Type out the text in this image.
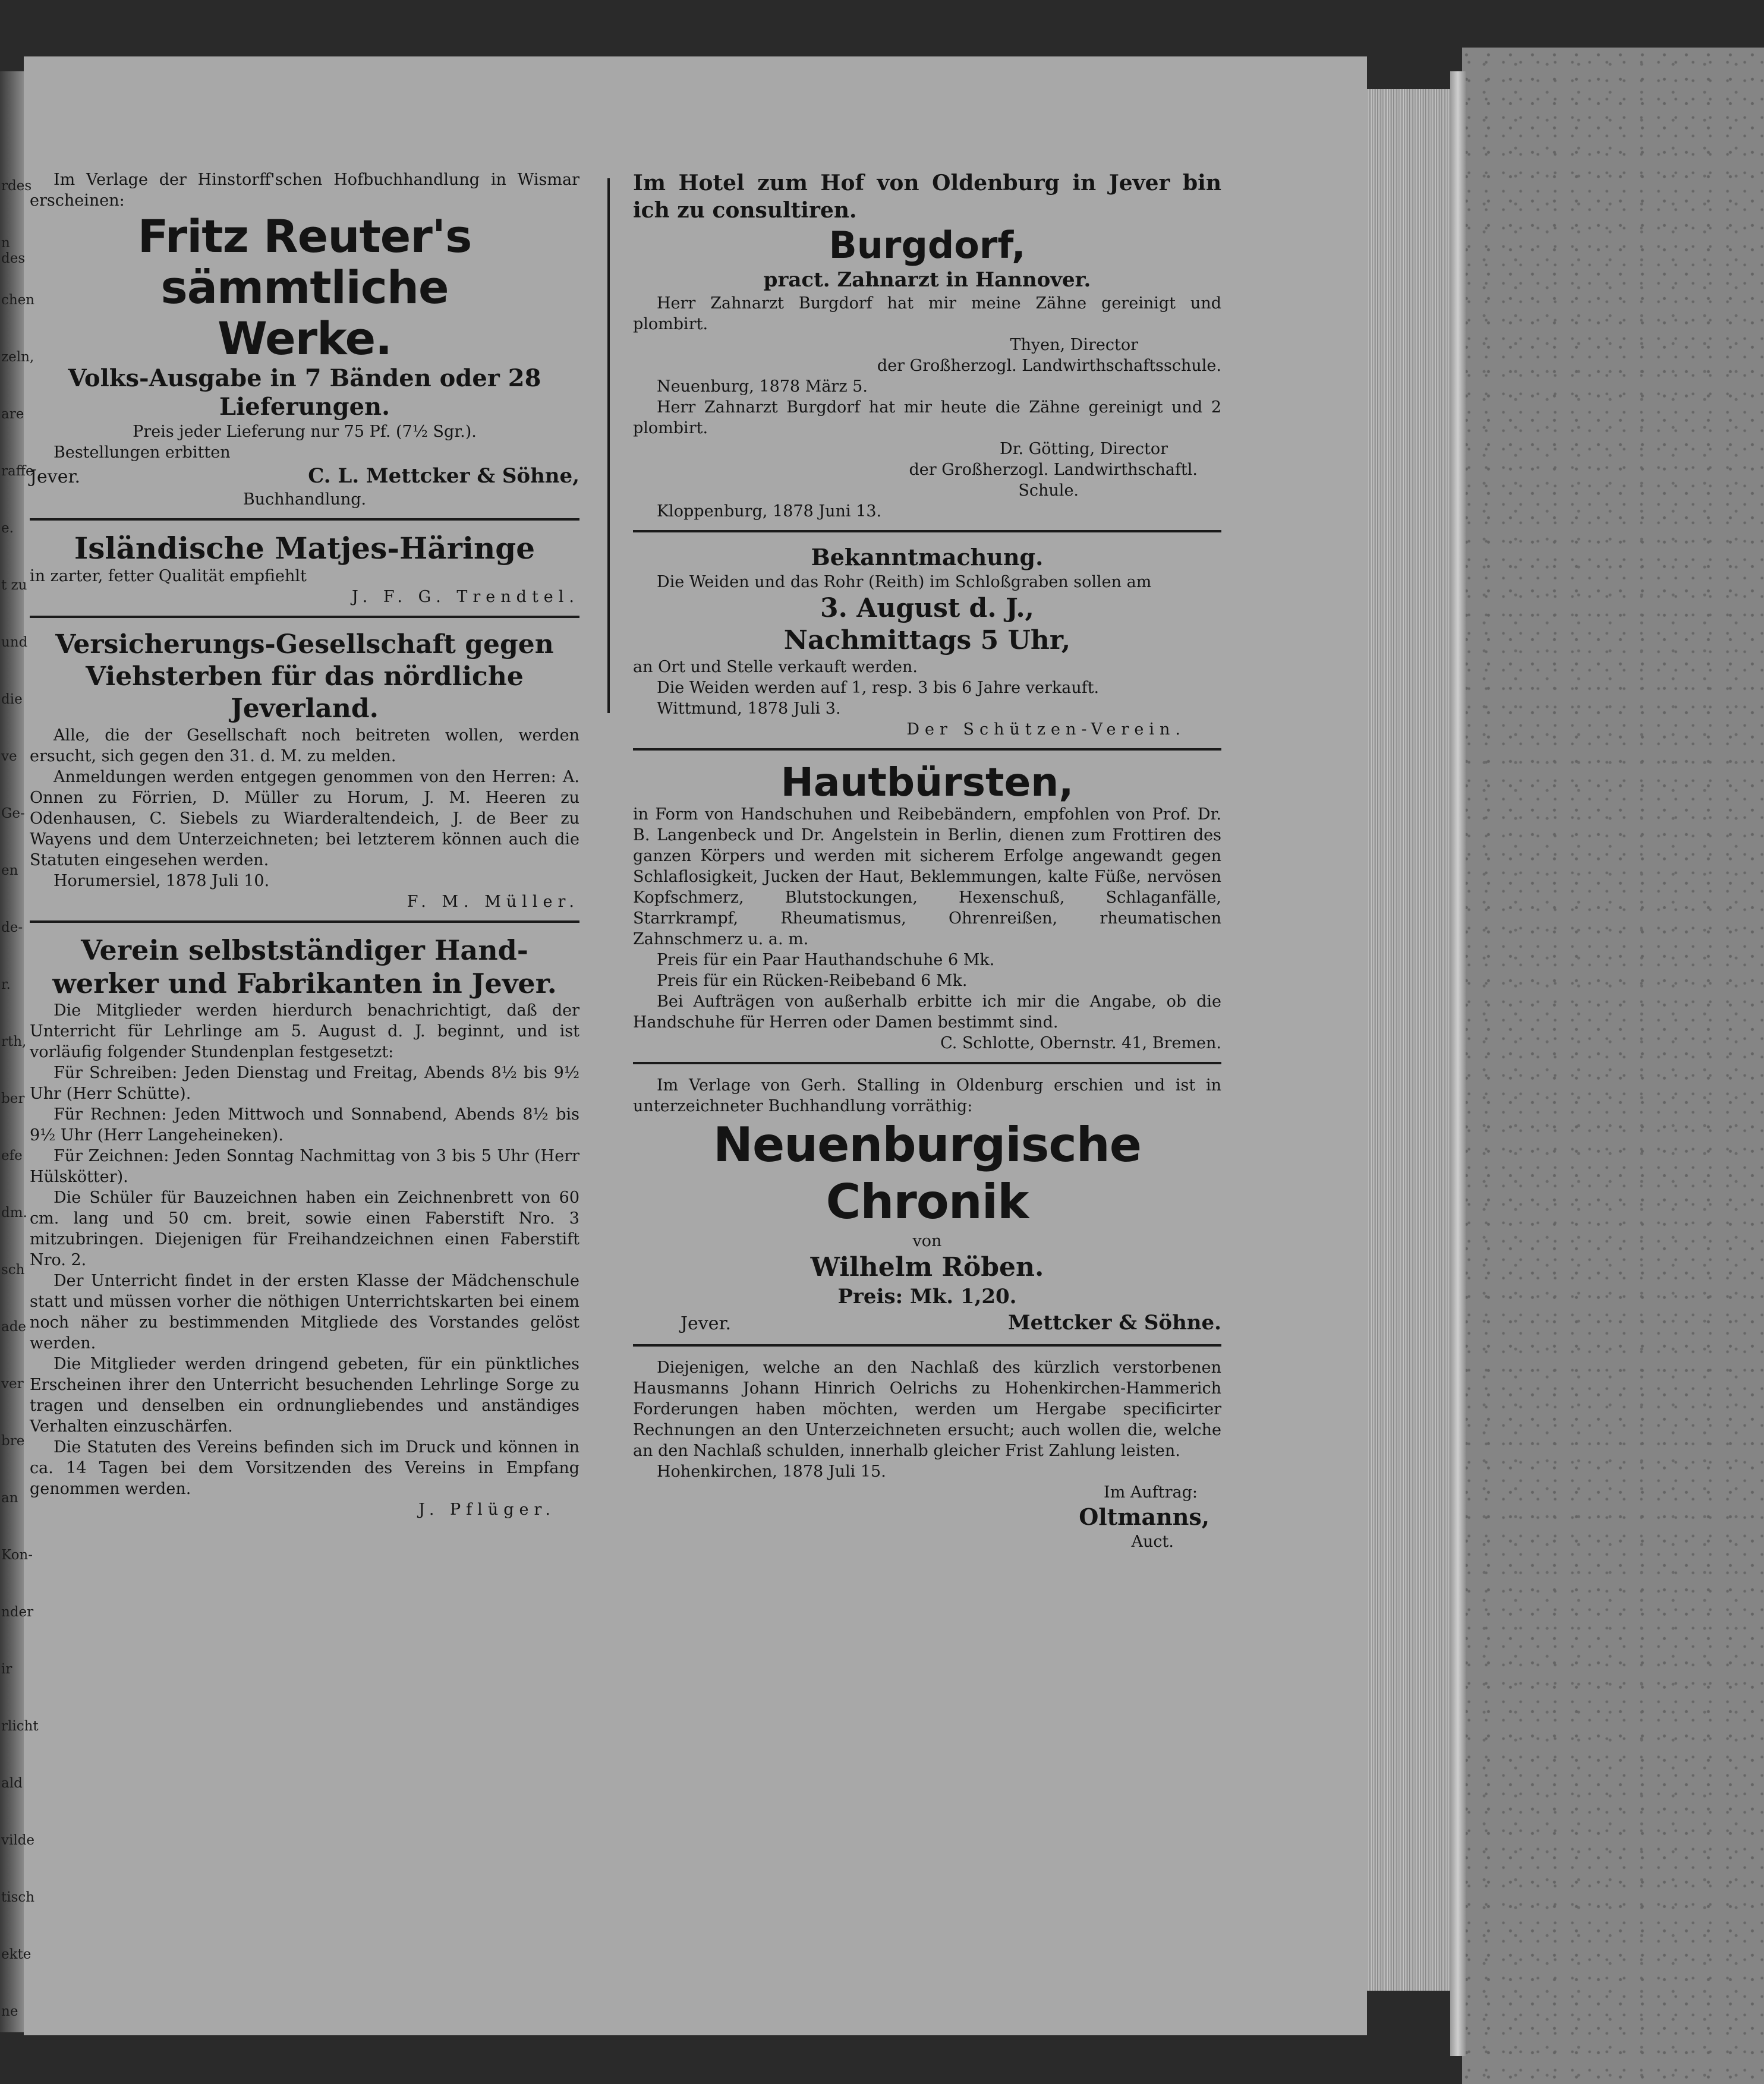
rdes
n des
chen
zeln,
are
raffe
e.
t zu
und
die
ve
Ge-
en
de-
r.
rth,
ber
efe
dm.
sch
ade
ver
bre
an
Kon-
nder
ir
rlicht
ald
vilde
tisch
ekte
ne

Im Verlage der Hinstorff'schen Hofbuchhandlung in Wismar erscheinen:

Fritz Reuter's sämmtliche

Werke.

Volks-Ausgabe in 7 Bänden oder 28

Lieferungen.

Preis jeder Lieferung nur 75 Pf. (7½ Sgr.).

Bestellungen erbitten

Jever.	C. L. Mettcker & Söhne,

Buchhandlung.

Isländische Matjes-Häringe

in zarter, fetter Qualität empfiehlt

J. F. G. Trendtel.

Versicherungs-Gesellschaft gegen

Viehsterben für das nördliche

Jeverland.

Alle, die der Gesellschaft noch beitreten wollen, werden ersucht, sich gegen den 31. d. M. zu melden.

Anmeldungen werden entgegen genommen von den Herren: A. Onnen zu Förrien, D. Müller zu Horum, J. M. Heeren zu Odenhausen, C. Siebels zu Wiarderaltendeich, J. de Beer zu Wayens und dem Unterzeichneten; bei letzterem können auch die Statuten eingesehen werden.

Horumersiel, 1878 Juli 10.

F. M. Müller.

Verein selbstständiger Hand-

werker und Fabrikanten in Jever.

Die Mitglieder werden hierdurch benachrichtigt, daß der Unterricht für Lehrlinge am 5. August d. J. beginnt, und ist vorläufig folgender Stundenplan festgesetzt:

Für Schreiben: Jeden Dienstag und Freitag, Abends 8½ bis 9½ Uhr (Herr Schütte).

Für Rechnen: Jeden Mittwoch und Sonnabend, Abends 8½ bis 9½ Uhr (Herr Langeheineken).

Für Zeichnen: Jeden Sonntag Nachmittag von 3 bis 5 Uhr (Herr Hülskötter).

Die Schüler für Bauzeichnen haben ein Zeichnenbrett von 60 cm. lang und 50 cm. breit, sowie einen Faberstift Nro. 3 mitzubringen. Diejenigen für Freihandzeichnen einen Faberstift Nro. 2.

Der Unterricht findet in der ersten Klasse der Mädchenschule statt und müssen vorher die nöthigen Unterrichtskarten bei einem noch näher zu bestimmenden Mitgliede des Vorstandes gelöst werden.

Die Mitglieder werden dringend gebeten, für ein pünktliches Erscheinen ihrer den Unterricht besuchenden Lehrlinge Sorge zu tragen und denselben ein ordnungliebendes und anständiges Verhalten einzuschärfen.

Die Statuten des Vereins befinden sich im Druck und können in ca. 14 Tagen bei dem Vorsitzenden des Vereins in Empfang genommen werden.

J. Pflüger.

Im Hotel zum Hof von Oldenburg in Jever bin ich zu consultiren.

Burgdorf,

pract. Zahnarzt in Hannover.

Herr Zahnarzt Burgdorf hat mir meine Zähne gereinigt und plombirt.

Thyen, Director

der Großherzogl. Landwirthschaftsschule.

Neuenburg, 1878 März 5.

Herr Zahnarzt Burgdorf hat mir heute die Zähne gereinigt und 2 plombirt.

Dr. Götting, Director

der Großherzogl. Landwirthschaftl.

Schule.

Kloppenburg, 1878 Juni 13.

Bekanntmachung.

Die Weiden und das Rohr (Reith) im Schloßgraben sollen am

3. August d. J.,

Nachmittags 5 Uhr,

an Ort und Stelle verkauft werden.

Die Weiden werden auf 1, resp. 3 bis 6 Jahre verkauft.

Wittmund, 1878 Juli 3.

Der Schützen-Verein.

Hautbürsten,

in Form von Handschuhen und Reibebändern, empfohlen von Prof. Dr. B. Langenbeck und Dr. Angelstein in Berlin, dienen zum Frottiren des ganzen Körpers und werden mit sicherem Erfolge angewandt gegen Schlaflosigkeit, Jucken der Haut, Beklemmungen, kalte Füße, nervösen Kopfschmerz, Blutstockungen, Hexenschuß, Schlaganfälle, Starrkrampf, Rheumatismus, Ohrenreißen, rheumatischen Zahnschmerz u. a. m.

Preis für ein Paar Hauthandschuhe 6 Mk.

Preis für ein Rücken-Reibeband 6 Mk.

Bei Aufträgen von außerhalb erbitte ich mir die Angabe, ob die Handschuhe für Herren oder Damen bestimmt sind.

C. Schlotte, Obernstr. 41, Bremen.

Im Verlage von Gerh. Stalling in Oldenburg erschien und ist in unterzeichneter Buchhandlung vorräthig:

Neuenburgische Chronik

von

Wilhelm Röben.

Preis: Mk. 1,20.

Jever.	Mettcker & Söhne.

Diejenigen, welche an den Nachlaß des kürzlich verstorbenen Hausmanns Johann Hinrich Oelrichs zu Hohenkirchen-Hammerich Forderungen haben möchten, werden um Hergabe specificirter Rechnungen an den Unterzeichneten ersucht; auch wollen die, welche an den Nachlaß schulden, innerhalb gleicher Frist Zahlung leisten.

Hohenkirchen, 1878 Juli 15.

Im Auftrag:

Oltmanns,

Auct.
